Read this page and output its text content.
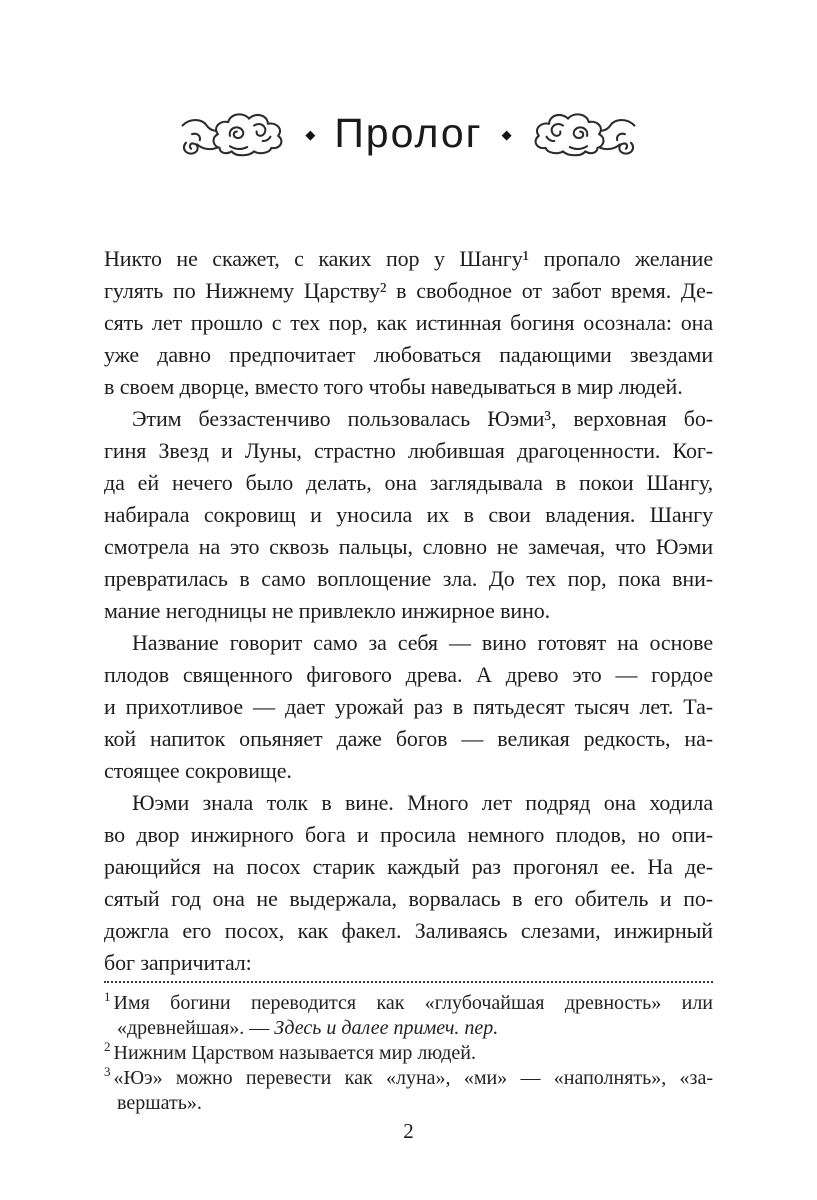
◆ Пролог	◆
Никто не скажет, с каких пор у Шангу¹ пропало желание
гулять по Нижнему Царству² в свободное от забот время. Де-
сять лет прошло с тех пор, как истинная богиня осознала: она
уже давно предпочитает любоваться падающими звездами
в своем дворце, вместо того чтобы наведываться в мир людей.
Этим беззастенчиво пользовалась Юэми³, верховная бо-
гиня Звезд и Луны, страстно любившая драгоценности. Ког-
да ей нечего было делать, она заглядывала в покои Шангу,
набирала сокровищ и уносила их в свои владения. Шангу
смотрела на это сквозь пальцы, словно не замечая, что Юэми
превратилась в само воплощение зла. До тех пор, пока вни-
мание негодницы не привлекло инжирное вино.
Название говорит само за себя — вино готовят на основе
плодов священного фигового древа. А древо это — гордое
и прихотливое — дает урожай раз в пятьдесят тысяч лет. Та-
кой напиток опьяняет даже богов — великая редкость, на-
стоящее сокровище.
Юэми знала толк в вине. Много лет подряд она ходила
во двор инжирного бога и просила немного плодов, но опи-
рающийся на посох старик каждый раз прогонял ее. На де-
сятый год она не выдержала, ворвалась в его обитель и по-
дожгла его посох, как факел. Заливаясь слезами, инжирный
бог запричитал:
$^1$ Имя богини переводится как «глубочайшая древность» или
«древнейшая». — Здесь и далее примеч. пер.
$^2$ Нижним Царством называется мир людей.
$^3$ «Юэ» можно перевести как «луна», «ми» — «наполнять», «за-
вершать».
2
